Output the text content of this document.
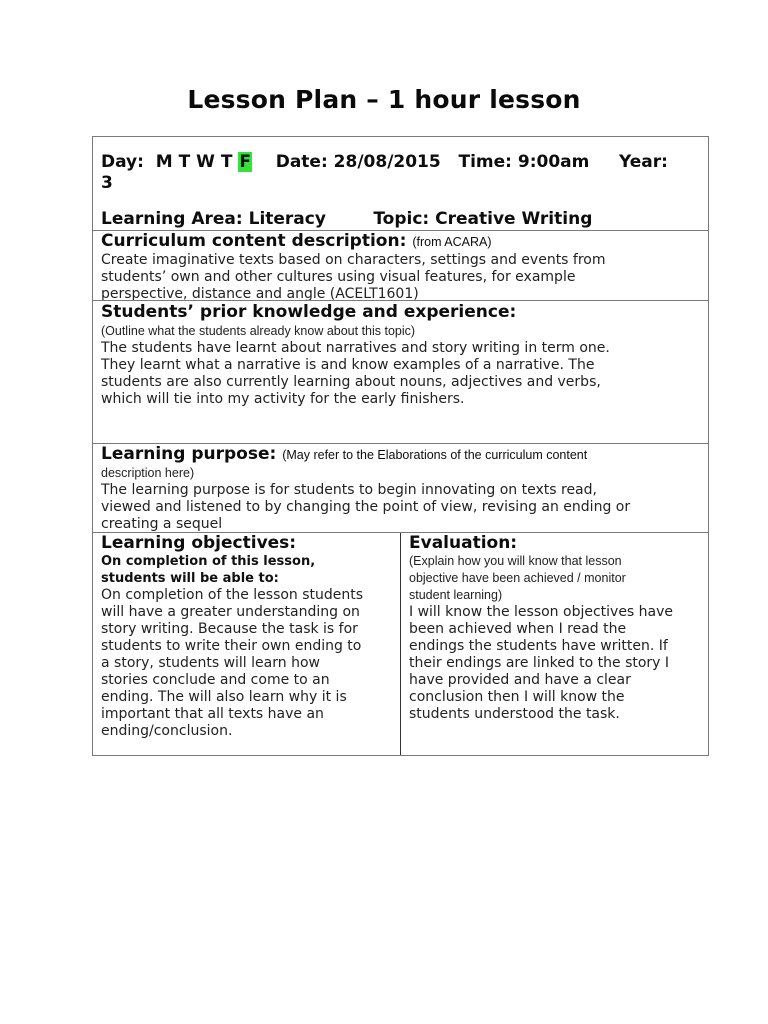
Lesson Plan – 1 hour lesson
Day: M T W T F Date: 28/08/2015 Time: 9:00am Year:
3
Learning Area: Literacy	Topic: Creative Writing
Curriculum content description: (from ACARA)
Create imaginative texts based on characters, settings and events from
students’ own and other cultures using visual features, for example
perspective, distance and angle (ACELT1601)
Students’ prior knowledge and experience:
(Outline what the students already know about this topic)
The students have learnt about narratives and story writing in term one.
They learnt what a narrative is and know examples of a narrative. The
students are also currently learning about nouns, adjectives and verbs,
which will tie into my activity for the early finishers.
Learning purpose: (May refer to the Elaborations of the curriculum content
description here)
The learning purpose is for students to begin innovating on texts read,
viewed and listened to by changing the point of view, revising an ending or
creating a sequel
Learning objectives:
On completion of this lesson,
students will be able to:
On completion of the lesson students
will have a greater understanding on
story writing. Because the task is for
students to write their own ending to
a story, students will learn how
stories conclude and come to an
ending. The will also learn why it is
important that all texts have an
ending/conclusion.
Evaluation:
(Explain how you will know that lesson
objective have been achieved / monitor
student learning)
I will know the lesson objectives have
been achieved when I read the
endings the students have written. If
their endings are linked to the story I
have provided and have a clear
conclusion then I will know the
students understood the task.
